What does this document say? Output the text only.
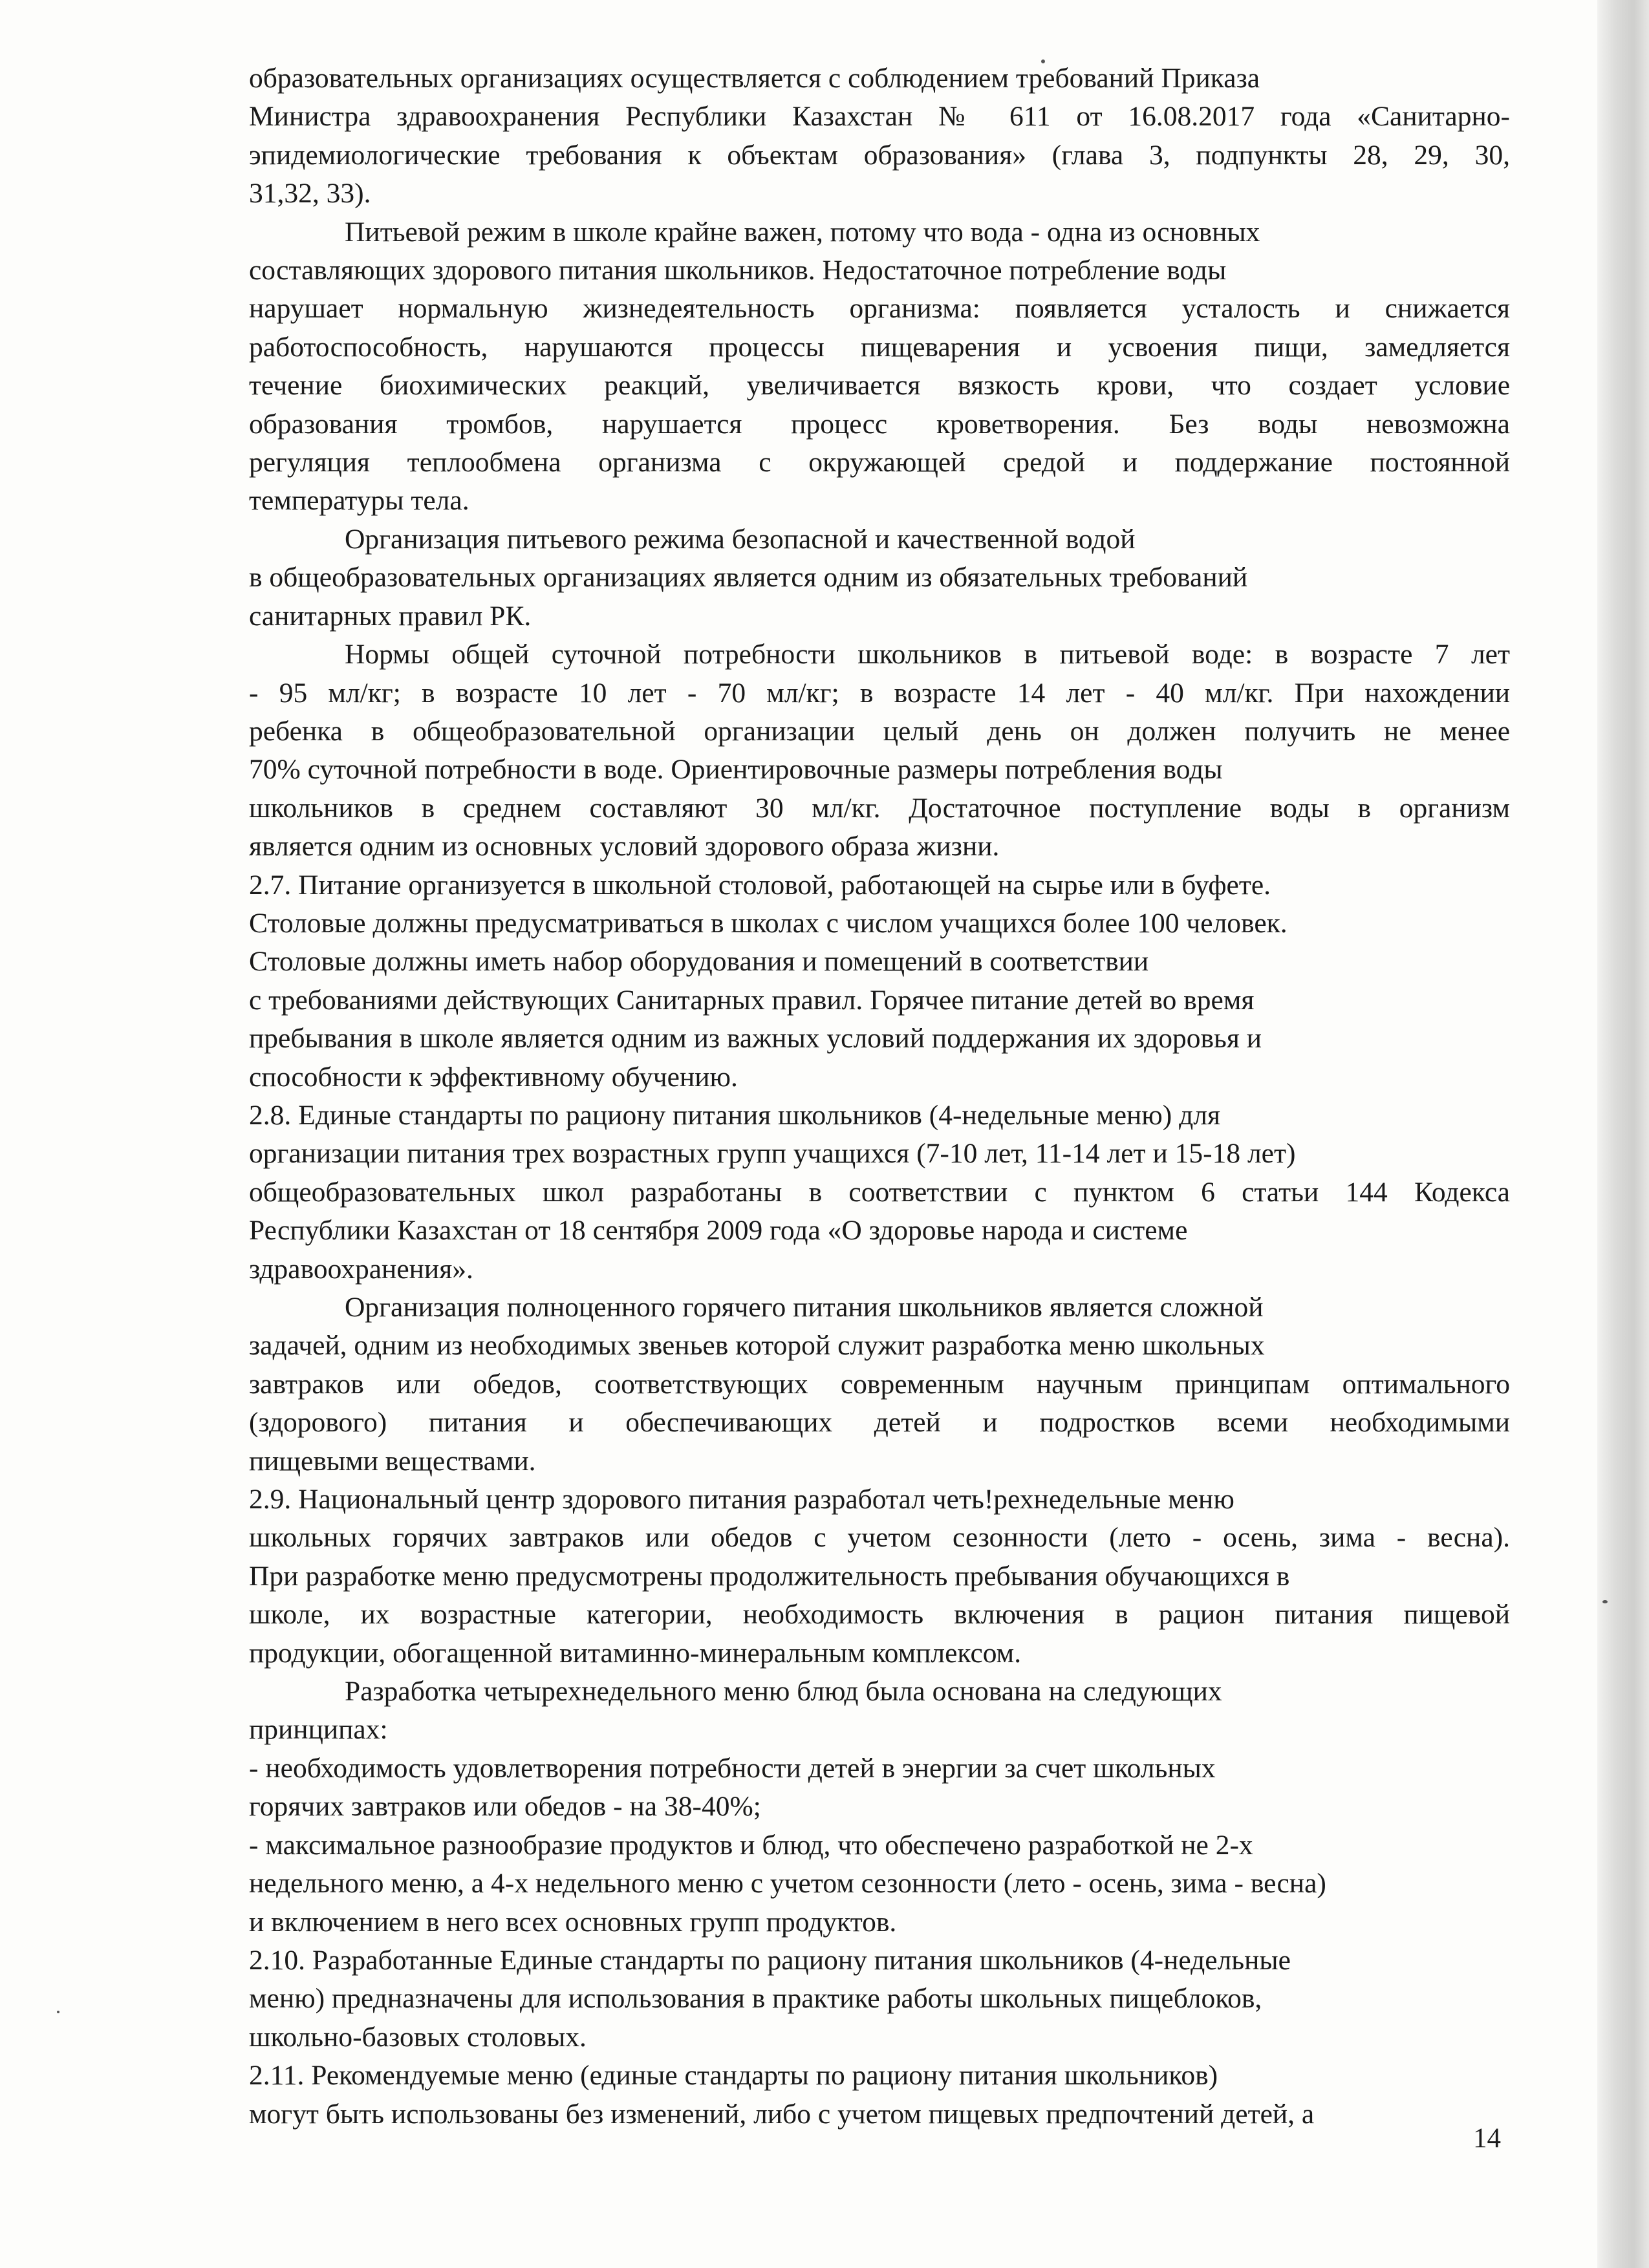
образовательных организациях осуществляется с соблюдением требований Приказа
Министра здравоохранения Республики Казахстан № 611 от 16.08.2017 года «Санитарно-
эпидемиологические требования к объектам образования» (глава 3, подпункты 28, 29, 30,
31,32, 33).
Питьевой режим в школе крайне важен, потому что вода - одна из основных
составляющих здорового питания школьников. Недостаточное потребление воды
нарушает нормальную жизнедеятельность организма: появляется усталость и снижается
работоспособность, нарушаются процессы пищеварения и усвоения пищи, замедляется
течение биохимических реакций, увеличивается вязкость крови, что создает условие
образования тромбов, нарушается процесс кроветворения. Без воды невозможна
регуляция теплообмена организма с окружающей средой и поддержание постоянной
температуры тела.
Организация питьевого режима безопасной и качественной водой
в общеобразовательных организациях является одним из обязательных требований
санитарных правил РК.
Нормы общей суточной потребности школьников в питьевой воде: в возрасте 7 лет
- 95 мл/кг; в возрасте 10 лет - 70 мл/кг; в возрасте 14 лет - 40 мл/кг. При нахождении
ребенка в общеобразовательной организации целый день он должен получить не менее
70% суточной потребности в воде. Ориентировочные размеры потребления воды
школьников в среднем составляют 30 мл/кг. Достаточное поступление воды в организм
является одним из основных условий здорового образа жизни.
2.7. Питание организуется в школьной столовой, работающей на сырье или в буфете.
Столовые должны предусматриваться в школах с числом учащихся более 100 человек.
Столовые должны иметь набор оборудования и помещений в соответствии
с требованиями действующих Санитарных правил. Горячее питание детей во время
пребывания в школе является одним из важных условий поддержания их здоровья и
способности к эффективному обучению.
2.8. Единые стандарты по рациону питания школьников (4-недельные меню) для
организации питания трех возрастных групп учащихся (7-10 лет, 11-14 лет и 15-18 лет)
общеобразовательных школ разработаны в соответствии с пунктом 6 статьи 144 Кодекса
Республики Казахстан от 18 сентября 2009 года «О здоровье народа и системе
здравоохранения».
Организация полноценного горячего питания школьников является сложной
задачей, одним из необходимых звеньев которой служит разработка меню школьных
завтраков или обедов, соответствующих современным научным принципам оптимального
(здорового) питания и обеспечивающих детей и подростков всеми необходимыми
пищевыми веществами.
2.9. Национальный центр здорового питания разработал четь!рехнедельные меню
школьных горячих завтраков или обедов с учетом сезонности (лето - осень, зима - весна).
При разработке меню предусмотрены продолжительность пребывания обучающихся в
школе, их возрастные категории, необходимость включения в рацион питания пищевой
продукции, обогащенной витаминно-минеральным комплексом.
Разработка четырехнедельного меню блюд была основана на следующих
принципах:
- необходимость удовлетворения потребности детей в энергии за счет школьных
горячих завтраков или обедов - на 38-40%;
- максимальное разнообразие продуктов и блюд, что обеспечено разработкой не 2-х
недельного меню, а 4-х недельного меню с учетом сезонности (лето - осень, зима - весна)
и включением в него всех основных групп продуктов.
2.10. Разработанные Единые стандарты по рациону питания школьников (4-недельные
меню) предназначены для использования в практике работы школьных пищеблоков,
школьно-базовых столовых.
2.11. Рекомендуемые меню (единые стандарты по рациону питания школьников)
могут быть использованы без изменений, либо с учетом пищевых предпочтений детей, а
14
